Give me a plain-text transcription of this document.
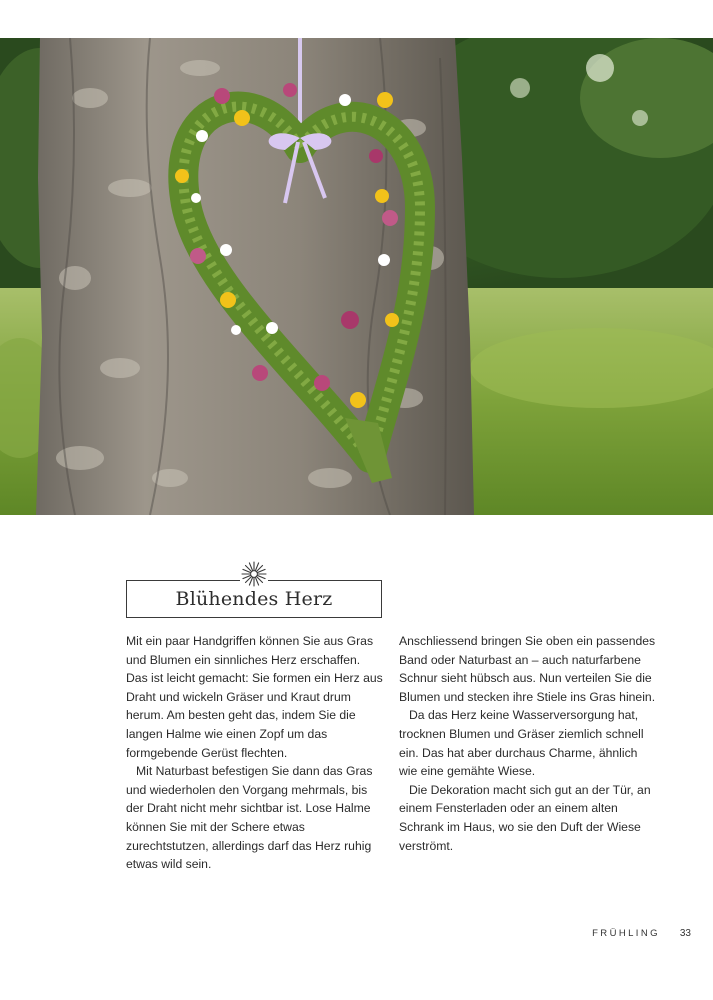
Blühendes Herz

Mit ein paar Handgriffen können Sie aus Gras und Blumen ein sinnliches Herz erschaffen. Das ist leicht gemacht: Sie formen ein Herz aus Draht und wickeln Gräser und Kraut drum herum. Am besten geht das, indem Sie die langen Halme wie einen Zopf um das formgebende Gerüst flechten.

Mit Naturbast befestigen Sie dann das Gras und wiederholen den Vorgang mehrmals, bis der Draht nicht mehr sichtbar ist. Lose Halme können Sie mit der Schere etwas zurechtstutzen, allerdings darf das Herz ruhig etwas wild sein.

Anschliessend bringen Sie oben ein passendes Band oder Naturbast an – auch naturfarbene Schnur sieht hübsch aus. Nun verteilen Sie die Blumen und stecken ihre Stiele ins Gras hinein.

Da das Herz keine Wasserversorgung hat, trocknen Blumen und Gräser ziemlich schnell ein. Das hat aber durchaus Charme, ähnlich wie eine gemähte Wiese.

Die Dekoration macht sich gut an der Tür, an einem Fensterladen oder an einem alten Schrank im Haus, wo sie den Duft der Wiese verströmt.

FRÜHLING 33
